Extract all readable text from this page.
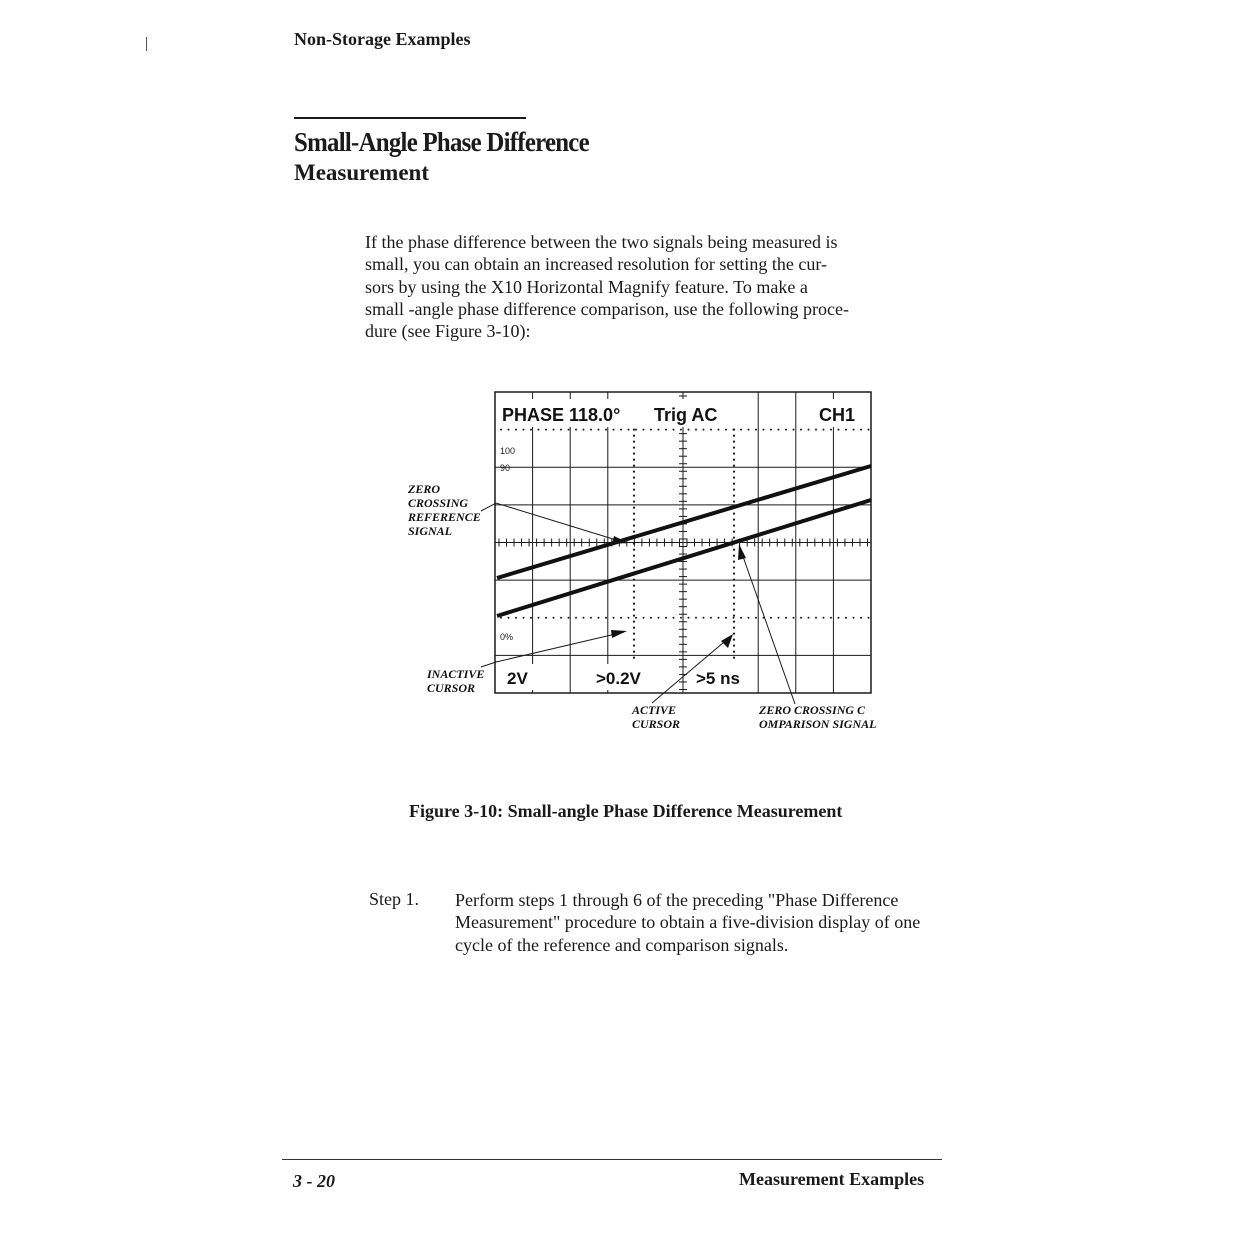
Non-Storage Examples
Small-Angle Phase Difference
Measurement
If the phase difference between the two signals being measured is
small, you can obtain an increased resolution for setting the cur-
sors by using the X10 Horizontal Magnify feature. To make a
small -angle phase difference comparison, use the following proce-
dure (see Figure 3-10):
100
90
0%
PHASE 118.0° Trig AC	CH1
2V	>0.2V	>5 ns
ZERO CROSSING REFERENCE SIGNAL
INACTIVE CURSOR
ACTIVE CURSOR
ZERO CROSSING C OMPARISON SIGNAL
Figure 3-10: Small-angle Phase Difference Measurement
Step 1. Perform steps 1 through 6 of the preceding "Phase Difference Measurement" procedure to obtain a five-division display of one cycle of the reference and comparison signals.
3 - 20	Measurement Examples
